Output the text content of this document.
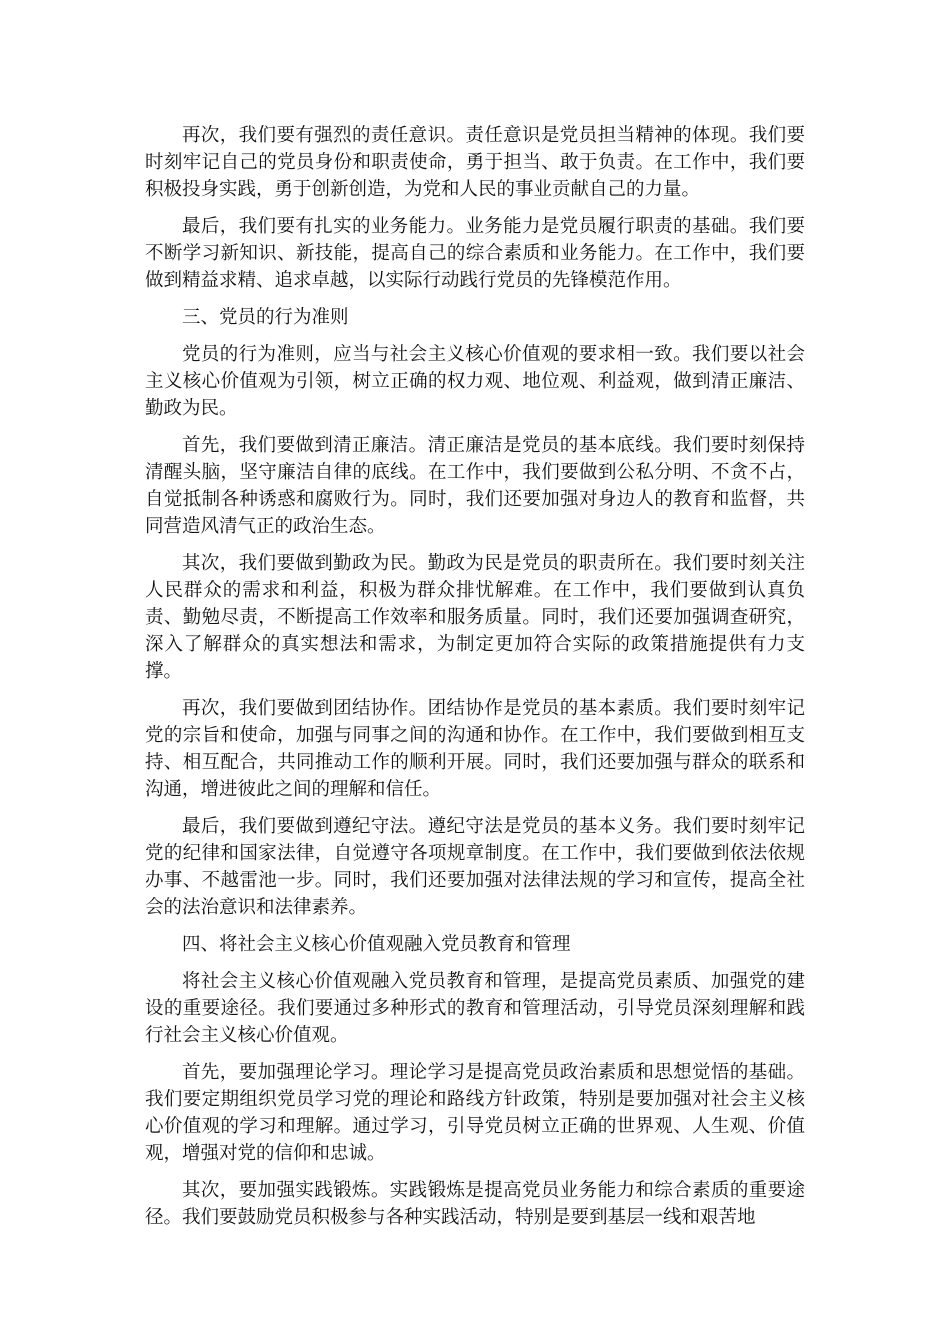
再次，我们要有强烈的责任意识。责任意识是党员担当精神的体现。我们要时刻牢记自己的党员身份和职责使命，勇于担当、敢于负责。在工作中，我们要积极投身实践，勇于创新创造，为党和人民的事业贡献自己的力量。

最后，我们要有扎实的业务能力。业务能力是党员履行职责的基础。我们要不断学习新知识、新技能，提高自己的综合素质和业务能力。在工作中，我们要做到精益求精、追求卓越，以实际行动践行党员的先锋模范作用。

三、党员的行为准则

党员的行为准则，应当与社会主义核心价值观的要求相一致。我们要以社会主义核心价值观为引领，树立正确的权力观、地位观、利益观，做到清正廉洁、勤政为民。

首先，我们要做到清正廉洁。清正廉洁是党员的基本底线。我们要时刻保持清醒头脑，坚守廉洁自律的底线。在工作中，我们要做到公私分明、不贪不占，自觉抵制各种诱惑和腐败行为。同时，我们还要加强对身边人的教育和监督，共同营造风清气正的政治生态。

其次，我们要做到勤政为民。勤政为民是党员的职责所在。我们要时刻关注人民群众的需求和利益，积极为群众排忧解难。在工作中，我们要做到认真负责、勤勉尽责，不断提高工作效率和服务质量。同时，我们还要加强调查研究，深入了解群众的真实想法和需求，为制定更加符合实际的政策措施提供有力支撑。

再次，我们要做到团结协作。团结协作是党员的基本素质。我们要时刻牢记党的宗旨和使命，加强与同事之间的沟通和协作。在工作中，我们要做到相互支持、相互配合，共同推动工作的顺利开展。同时，我们还要加强与群众的联系和沟通，增进彼此之间的理解和信任。

最后，我们要做到遵纪守法。遵纪守法是党员的基本义务。我们要时刻牢记党的纪律和国家法律，自觉遵守各项规章制度。在工作中，我们要做到依法依规办事、不越雷池一步。同时，我们还要加强对法律法规的学习和宣传，提高全社会的法治意识和法律素养。

四、将社会主义核心价值观融入党员教育和管理

将社会主义核心价值观融入党员教育和管理，是提高党员素质、加强党的建设的重要途径。我们要通过多种形式的教育和管理活动，引导党员深刻理解和践行社会主义核心价值观。

首先，要加强理论学习。理论学习是提高党员政治素质和思想觉悟的基础。我们要定期组织党员学习党的理论和路线方针政策，特别是要加强对社会主义核心价值观的学习和理解。通过学习，引导党员树立正确的世界观、人生观、价值观，增强对党的信仰和忠诚。

其次，要加强实践锻炼。实践锻炼是提高党员业务能力和综合素质的重要途径。我们要鼓励党员积极参与各种实践活动，特别是要到基层一线和艰苦地
